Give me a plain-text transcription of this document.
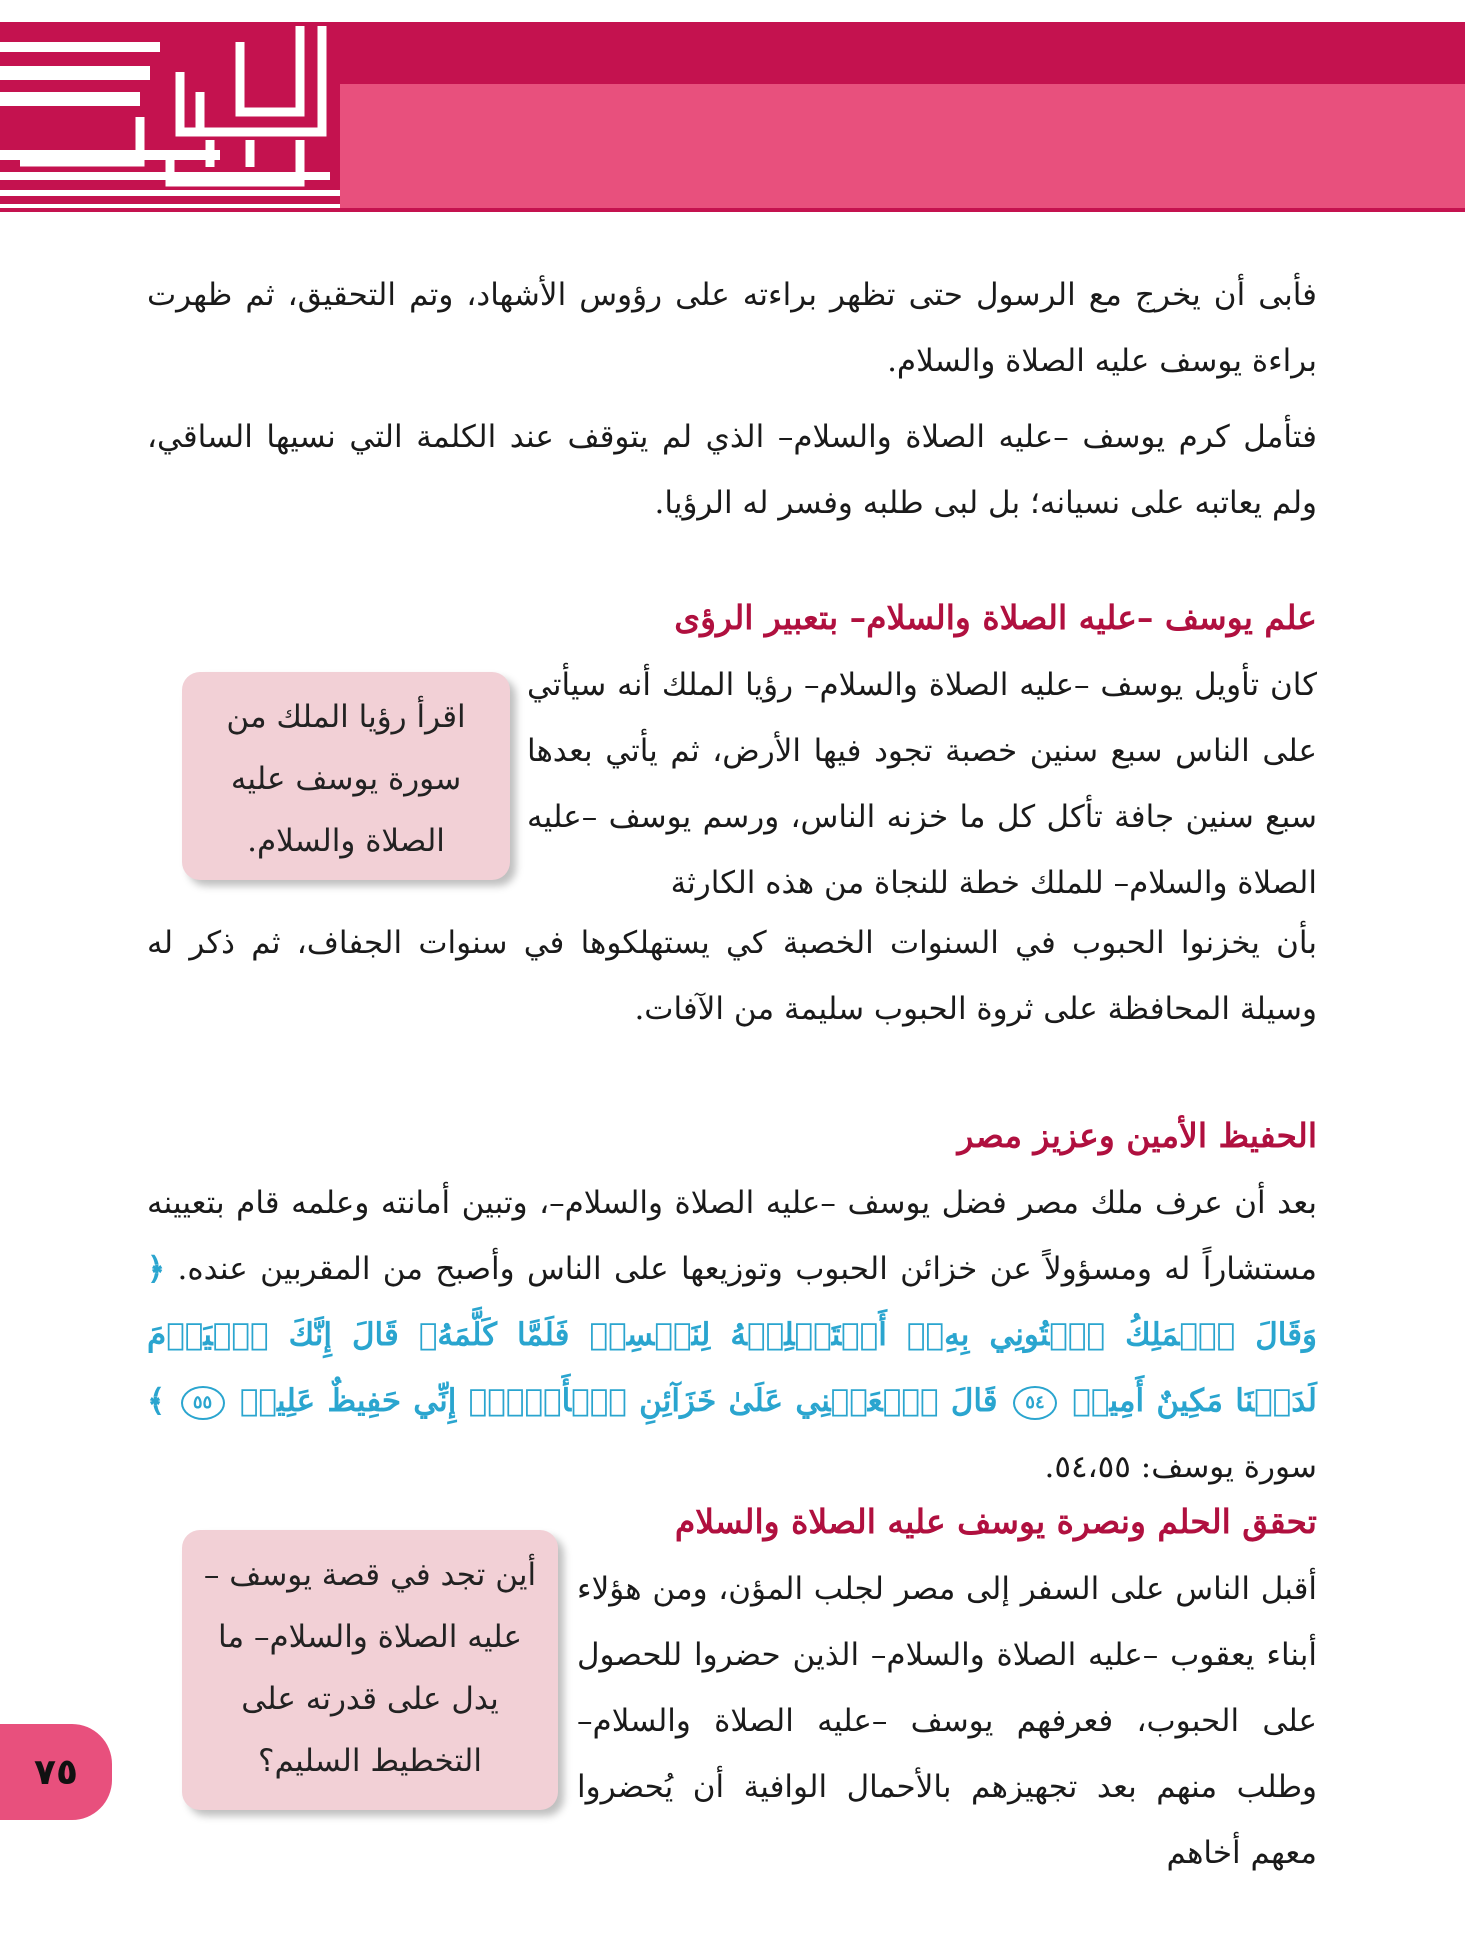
فأبى أن يخرج مع الرسول حتى تظهر براءته على رؤوس الأشهاد، وتم التحقيق، ثم ظهرت براءة يوسف عليه الصلاة والسلام.
فتأمل كرم يوسف –عليه الصلاة والسلام– الذي لم يتوقف عند الكلمة التي نسيها الساقي، ولم يعاتبه على نسيانه؛ بل لبى طلبه وفسر له الرؤيا.
علم يوسف –عليه الصلاة والسلام– بتعبير الرؤى
كان تأويل يوسف –عليه الصلاة والسلام– رؤيا الملك أنه سيأتي على الناس سبع سنين خصبة تجود فيها الأرض، ثم يأتي بعدها سبع سنين جافة تأكل كل ما خزنه الناس، ورسم يوسف –عليه الصلاة والسلام– للملك خطة للنجاة من هذه الكارثة
بأن يخزنوا الحبوب في السنوات الخصبة كي يستهلكوها في سنوات الجفاف، ثم ذكر له وسيلة المحافظة على ثروة الحبوب سليمة من الآفات.
اقرأ رؤيا الملك من سورة يوسف عليه الصلاة والسلام.
الحفيظ الأمين وعزيز مصر
بعد أن عرف ملك مصر فضل يوسف –عليه الصلاة والسلام–، وتبين أمانته وعلمه قام بتعيينه مستشاراً له ومسؤولاً عن خزائن الحبوب وتوزيعها على الناس وأصبح من المقربين عنده. ﴿ وَقَالَ ٱلۡمَلِكُ ٱئۡتُونِي بِهِۦٓ أَسۡتَخۡلِصۡهُ لِنَفۡسِيۖ فَلَمَّا كَلَّمَهُۥ قَالَ إِنَّكَ ٱلۡيَوۡمَ لَدَيۡنَا مَكِينٌ أَمِينٞ ٥٤ قَالَ ٱجۡعَلۡنِي عَلَىٰ خَزَآئِنِ ٱلۡأَرۡضِۖ إِنِّي حَفِيظٌ عَلِيمٞ ٥٥ ﴾ سورة يوسف: ٥٤،٥٥.
تحقق الحلم ونصرة يوسف عليه الصلاة والسلام
أقبل الناس على السفر إلى مصر لجلب المؤن، ومن هؤلاء أبناء يعقوب –عليه الصلاة والسلام– الذين حضروا للحصول على الحبوب، فعرفهم يوسف –عليه الصلاة والسلام– وطلب منهم بعد تجهيزهم بالأحمال الوافية أن يُحضروا معهم أخاهم
أين تجد في قصة يوسف –عليه الصلاة والسلام– ما يدل على قدرته على التخطيط السليم؟
٧٥
